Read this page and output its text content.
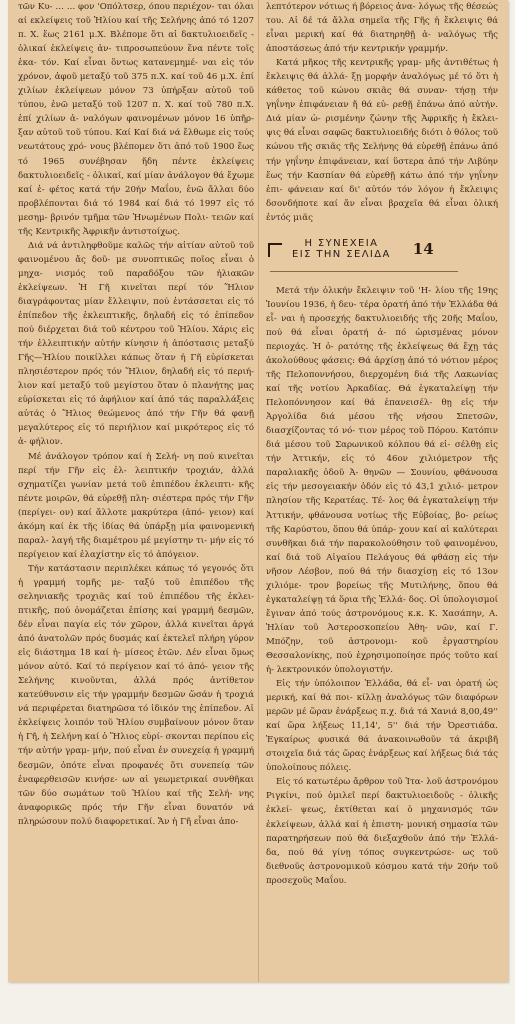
τῶν Κυ- … ... φον 'Οπόλτσερ, όπου περιέχον- ται όλαι αί εκλείψεις τοῦ Ἡλίου καί τῆς Σελήνης ἀπό τό 1207 π. Χ. ἕως 2161 μ.Χ. Βλέπομε ὅτι αἱ δακτυλιοειδεῖς - ὁλικαί ἐκλείψεις ἀν- τιπροσωπεύουν ἕνα πέντε τοῖς ἑκα- τόν. Καί εἶναι ὅντως κατανεμημέ- ναι εἰς τόν χρόνον, ἀφοῦ μεταξύ τοῦ 375 π.Χ. καί τοῦ 46 μ.Χ. ἐπί χιλίων ἐκλείψεων μόνον 73 ὑπήρξαν αὐτοῦ τοῦ τύπου, ἐνῶ μεταξύ τοῦ 1207 π. Χ. καί τοῦ 780 π.Χ. ἐπί χιλίων ἀ- ναλόγων φαινομένων μόνον 16 ὑπῆρ- ξαν αὐτοῦ τοῦ τύπου. Καί Καί διά νά ἔλθωμε εἰς τούς νεωτάτους χρό- νους βλέπομεν ὅτι ἀπό τοῦ 1900 ἕως τό 1965 συνέβησαν ἤδη πέντε ἐκλείψεις δακτυλιοειδεῖς - ὁλικαί, καί μίαν ἀνάλογον θά ἔχωμε καί ἐ- φέτος κατά τήν 20ήν Μαΐου, ἐνῶ ἄλλαι δύο προβλέπονται διά τό 1984 καί διά τό 1997 εἰς τό μεσημ- βρινόν τμῆμα τῶν Ἡνωμένων Πολι- τειῶν καί τῆς Κεντρικῆς Ἀφρικῆν ἀντιστοίχως.

Διά νά ἀντιληφθοῦμε καλῶς τήν αἰτίαν αὐτοῦ τοῦ φαινομένου ἄς δοῦ- με συνοπτικῶς ποῖος εἶναι ὁ μηχα- νισμός τοῦ παραδόξου τῶν ἡλιακῶν ἐκλείψεων. Ἡ Γῆ κινεῖται περί τόν Ἥλιον διαγράφοντας μίαν ἔλλειψιν, πού ἐντάσσεται εἰς τό ἐπίπεδον τῆς ἐκλειπτικῆς, δηλαδή εἰς τό ἐπίπεδον πού διέρχεται διά τοῦ κέντρου τοῦ Ἡλίου. Χάρις εἰς τήν ἐλλειπτικήν αὐτήν κίνησιν ἡ ἀπόστασις μεταξύ Γῆς—Ἡλίου ποικίλλει κάπως ὅταν ἡ Γῆ εὑρίσκεται πλησιέστερον πρός τόν Ἥλιον, δηλαδή εἰς τό περιή- λιον καί μεταξύ τοῦ μεγίστου ὅταν ὁ πλανήτης μας εὑρίσκεται εἰς τό ἀφήλιον καί ἀπό τάς παραλλάξεις αὐτάς ὁ Ἥλιος θεώμενος ἀπό τήν Γῆν θά φανῇ μεγαλύτερος εἰς τό περιήλιον καί μικρότερος εἰς τό ἀ- φήλιον.

Μέ ἀνάλογον τρόπον καί ἡ Σελή- νη πού κινεῖται περί τήν Γῆν εἰς ἐλ- λειπτικήν τροχιάν, ἀλλά σχηματίζει γωνίαν μετά τοῦ ἐπιπέδου ἐκλειπτι- κῆς πέντε μοιρῶν, θά εὑρεθῇ πλη- σιέστερα πρός τήν Γῆν (περίγει- ον) καί ἄλλοτε μακρύτερα (ἀπό- γειον) καί ἀκόμη καί ἐκ τῆς ἰδίας θά ὑπάρξῃ μία φαινομενική παραλ- λαγή τῆς διαμέτρου μέ μεγίστην τι- μήν εἰς τό περίγειον καί ἐλαχίστην εἰς τό ἀπόγειον.

Τήν κατάστασιν περιπλέκει κάπως τό γεγονός ὅτι ἡ γραμμή τομῆς με- ταξύ τοῦ ἐπιπέδου τῆς σεληνιακῆς τροχιᾶς καί τοῦ ἐπιπέδου τῆς ἐκλει- πτικῆς, πού ὀνομάζεται ἐπίσης καί γραμμή δεσμῶν, δέν εἶναι παγία εἰς τόν χῶρον, ἀλλά κινεῖται ἀργά ἀπό ἀνατολῶν πρός δυσμάς καί ἐκτελεῖ πλήρη γύρον εἰς διάστημα 18 καί ἡ- μίσεος ἐτῶν. Δέν εἶναι ὅμως μόνον αὐτό. Καί τό περίγειον καί τό ἀπό- γειον τῆς Σελήνης κινοῦνται, ἀλλά πρός ἀντίθετον κατεύθυνσιν εἰς τήν γραμμήν δεσμῶν ὥσάν ἡ τροχιά νά περιφέρεται διατηρῶσα τό ἰδικόν της ἐπίπεδον. Αἱ ἐκλείψεις λοιπόν τοῦ Ἡλίου συμβαίνουν μόνον ὅταν ἡ Γῆ, ἡ Σελήνη καί ὁ Ἥλιος εὑρί- σκονται περίπου εἰς τήν αὐτήν γραμ- μήν, πού εἶναι ἐν συνεχείᾳ ἡ γραμμή δεσμῶν, ὁπότε εἶναι προφανές ὅτι συνεπείᾳ τῶν ἐναφερθεισῶν κινήσε- ων αἱ γεωμετρικαί συνθῆκαι τῶν δύο σωμάτων τοῦ Ἡλίου καί τῆς Σελή- νης ἀναφορικῶς πρός τήν Γῆν εἶναι δυνατόν νά πληρώσουν πολύ διαφορετικαί. Ἄν ἡ Γῆ εἶναι ἀπο-

λεπτότερον νότιως ή βόρειος ἀνα- λόγως τῆς θέσεώς του. Αἱ δέ τά ἄλλα σημεῖα τῆς Γῆς ἡ ἔκλειψις θά εἶναι μερική καί θά διατηρηθῇ ἀ- ναλόγως τῆς ἀποστάσεως ἀπό τήν κεντρικήν γραμμήν.

Κατά μῆκος τῆς κεντρικῆς γραμ- μῆς ἀντιθέτως ἡ ἔκλειψις θά ἀλλά- ξῃ μορφήν ἀναλόγως μέ τό ὅτι ἡ κάθετος τοῦ κώνου σκιᾶς θά συναν- τήσῃ τήν γηΐνην ἐπιφάνειαν ἤ θά εὑ- ρεθῇ ἐπάνω ἀπό αὐτήν. Διά μίαν ὡ- ρισμένην ζώνην τῆς Ἀφρικῆς ἡ ἔκλει- ψις θά εἶναι σαφῶς δακτυλιοειδής διότι ὁ θόλος τοῦ κώνου τῆς σκιᾶς τῆς Σελήνης θά εὑρεθῇ ἐπάνω ἀπό τήν γηΐνην ἐπιφάνειαν, καί ὕστερα ἀπό τήν Λιβύην ἕως τήν Κασπίαν θά εὑρεθῇ κάτω ἀπό τήν γηΐνην ἐπι- φάνειαν καί δι' αὐτόν τόν λόγον ἡ ἔκλειψις δσονδήποτε καί ἄν εἶναι βραχεῖα θά εἶναι ὁλική ἐντός μιᾶς

Η ΣΥΝΕΧΕΙΑ
ΕΙΣ ΤΗΝ ΣΕΛΙΔΑ 14

Μετά τήν ὁλικήν ἔκλειψιν τοῦ 'Η- λίου τῆς 19ης Ἰουνίου 1936, ἡ δευ- τέρα ὁρατή ἀπό τήν Ἑλλάδα θά εἶ- ναι ἡ προσεχής δακτυλιοειδής τῆς 20ῆς Μαΐου, πού θά εἶναι ὁρατή ἀ- πό ὡρισμένας μόνον περιοχάς. Ἡ ὁ- ρατότης τῆς ἐκλείψεως θά ἔχῃ τάς ἀκολούθους φάσεις: Θά ἀρχίσῃ ἀπό τό νότιον μέρος τῆς Πελοποννήσου, διερχομένη διά τῆς Λακωνίας καί τῆς νοτίου Ἀρκαδίας. Θά ἐγκαταλείψῃ τήν Πελοπόννησον καί θά ἐπανεισέλ- θῃ εἰς τήν Ἀργολίδα διά μέσου τῆς νήσου Σπετσῶν, διασχίζοντας τό νό- τιον μέρος τοῦ Πόρου. Κατόπιν διά μέσου τοῦ Σαρωνικοῦ κόλπου θά εἰ- σέλθῃ εἰς τήν Ἀττικήν, εἰς τό 46ον χιλιόμετρον τῆς παραλιακῆς ὁδοῦ Ἀ- θηνῶν — Σουνίου, φθάνουσα εἰς τήν μεσογειακήν ὁδόν εἰς τό 43,1 χιλιό- μετρον πλησίον τῆς Κερατέας. Τέ- λος θά ἐγκαταλείψῃ τήν Ἀττικήν, φθάνουσα νοτίως τῆς Εὐβοίας, βο- ρείως τῆς Καρύστου, ὅπου θά ὑπάρ- χουν καί αἱ καλύτεραι συνθῆκαι διά τήν παρακολούθησιν τοῦ φαινομένου, καί διά τοῦ Αἰγαίου Πελάγους θά φθάσῃ εἰς τήν νῆσον Λέσβον, πού θά τήν διασχίσῃ εἰς τό 13ον χιλιόμε- τρον βορείως τῆς Μυτιλήνης, ὅπου θά ἐγκαταλείψῃ τά ὅρια τῆς Ἑλλά- δος. Οἱ ὑπολογισμοί ἔγιναν ἀπό τούς ἀστρονόμους κ.κ. Κ. Χασάπην, Α. Ἡλίαν τοῦ Ἀστεροσκοπείου Ἀθη- νῶν, καί Γ. Μπόζην, τοῦ ἀστρονομι- κοῦ ἐργαστηρίου Θεσσαλονίκης, πού ἐχρησιμοποίησε πρός τοῦτο καί ἠ- λεκτρονικόν ὑπολογιστήν.

Εἰς τήν ὑπόλοιπον Ἑλλάδα, θά εἶ- ναι ὁρατή ὡς μερική, καί θά ποι- κίλλῃ ἀναλόγως τῶν διαφόρων μερῶν μέ ὥραν ἐνάρξεως π.χ. διά τά Χανιά 8,00,49'' καί ὥρα λήξεως 11,14', 5'' διά τήν Ὀρεστιάδα. Ἐγκαίρως φυσικά θά ἀνακοινωθοῦν τά ἀκριβῆ στοιχεῖα διά τάς ὥρας ἐνάρξεως καί λήξεως διά τάς ὑπολοίπους πόλεις.

Εἰς τό κατωτέρω ἄρθρον τοῦ Ἰτα- λοῦ ἀστρονόμου Ριγκίνι, πού ὁμιλεῖ περί δακτυλιοειδοῦς - ὁλικῆς ἐκλεί- ψεως, ἐκτίθεται καί ὁ μηχανισμός τῶν ἐκλείψεων, ἀλλά καί ἡ ἐπιστη- μονική σημασία τῶν παρατηρήσεων πού θά διεξαχθοῦν ἀπό τήν Ἑλλά- δα, πού θά γίνῃ τόπος συγκεντρώσε- ως τοῦ διεθνοῦς ἀστρονομικοῦ κόσμου κατά τήν 20ήν τοῦ προσεχοῦς Μαΐου.
